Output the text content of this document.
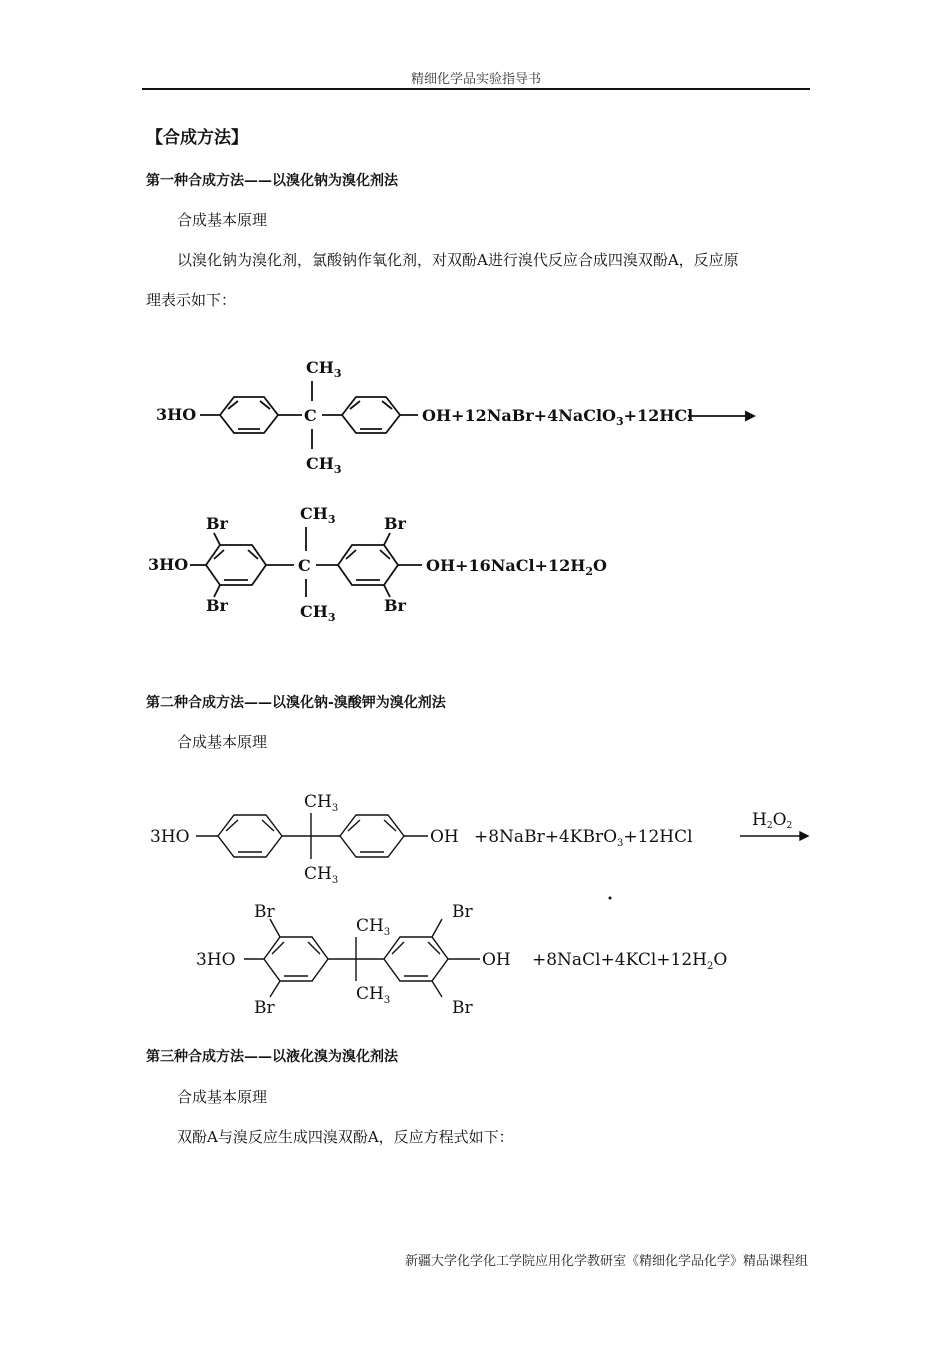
精细化学品实验指导书
【合成方法】
第一种合成方法——以溴化钠为溴化剂法
合成基本原理
以溴化钠为溴化剂，氯酸钠作氧化剂，对双酚A进行溴代反应合成四溴双酚A，反应原
理表示如下：
3HO	C
$CH_3$
$CH_3$
OH+12NaBr+4NaClO$_3$+12HCl
3HO
Br
Br
C
$CH_3$
$CH_3$
Br
Br
$OH+16NaCl+12H_2O$
第二种合成方法——以溴化钠-溴酸钾为溴化剂法
合成基本原理
3HO
$CH_3$
$CH_3$
OH +8NaBr+4KBrO$_3$+12HCl
H2O2
3HO
Br
Br
$CH_3$
$CH_3$
Br
Br
OH $+8NaCl+4KCl+12H_2O$
第三种合成方法——以液化溴为溴化剂法
合成基本原理
双酚A与溴反应生成四溴双酚A，反应方程式如下：
新疆大学化学化工学院应用化学教研室《精细化学品化学》精品课程组
